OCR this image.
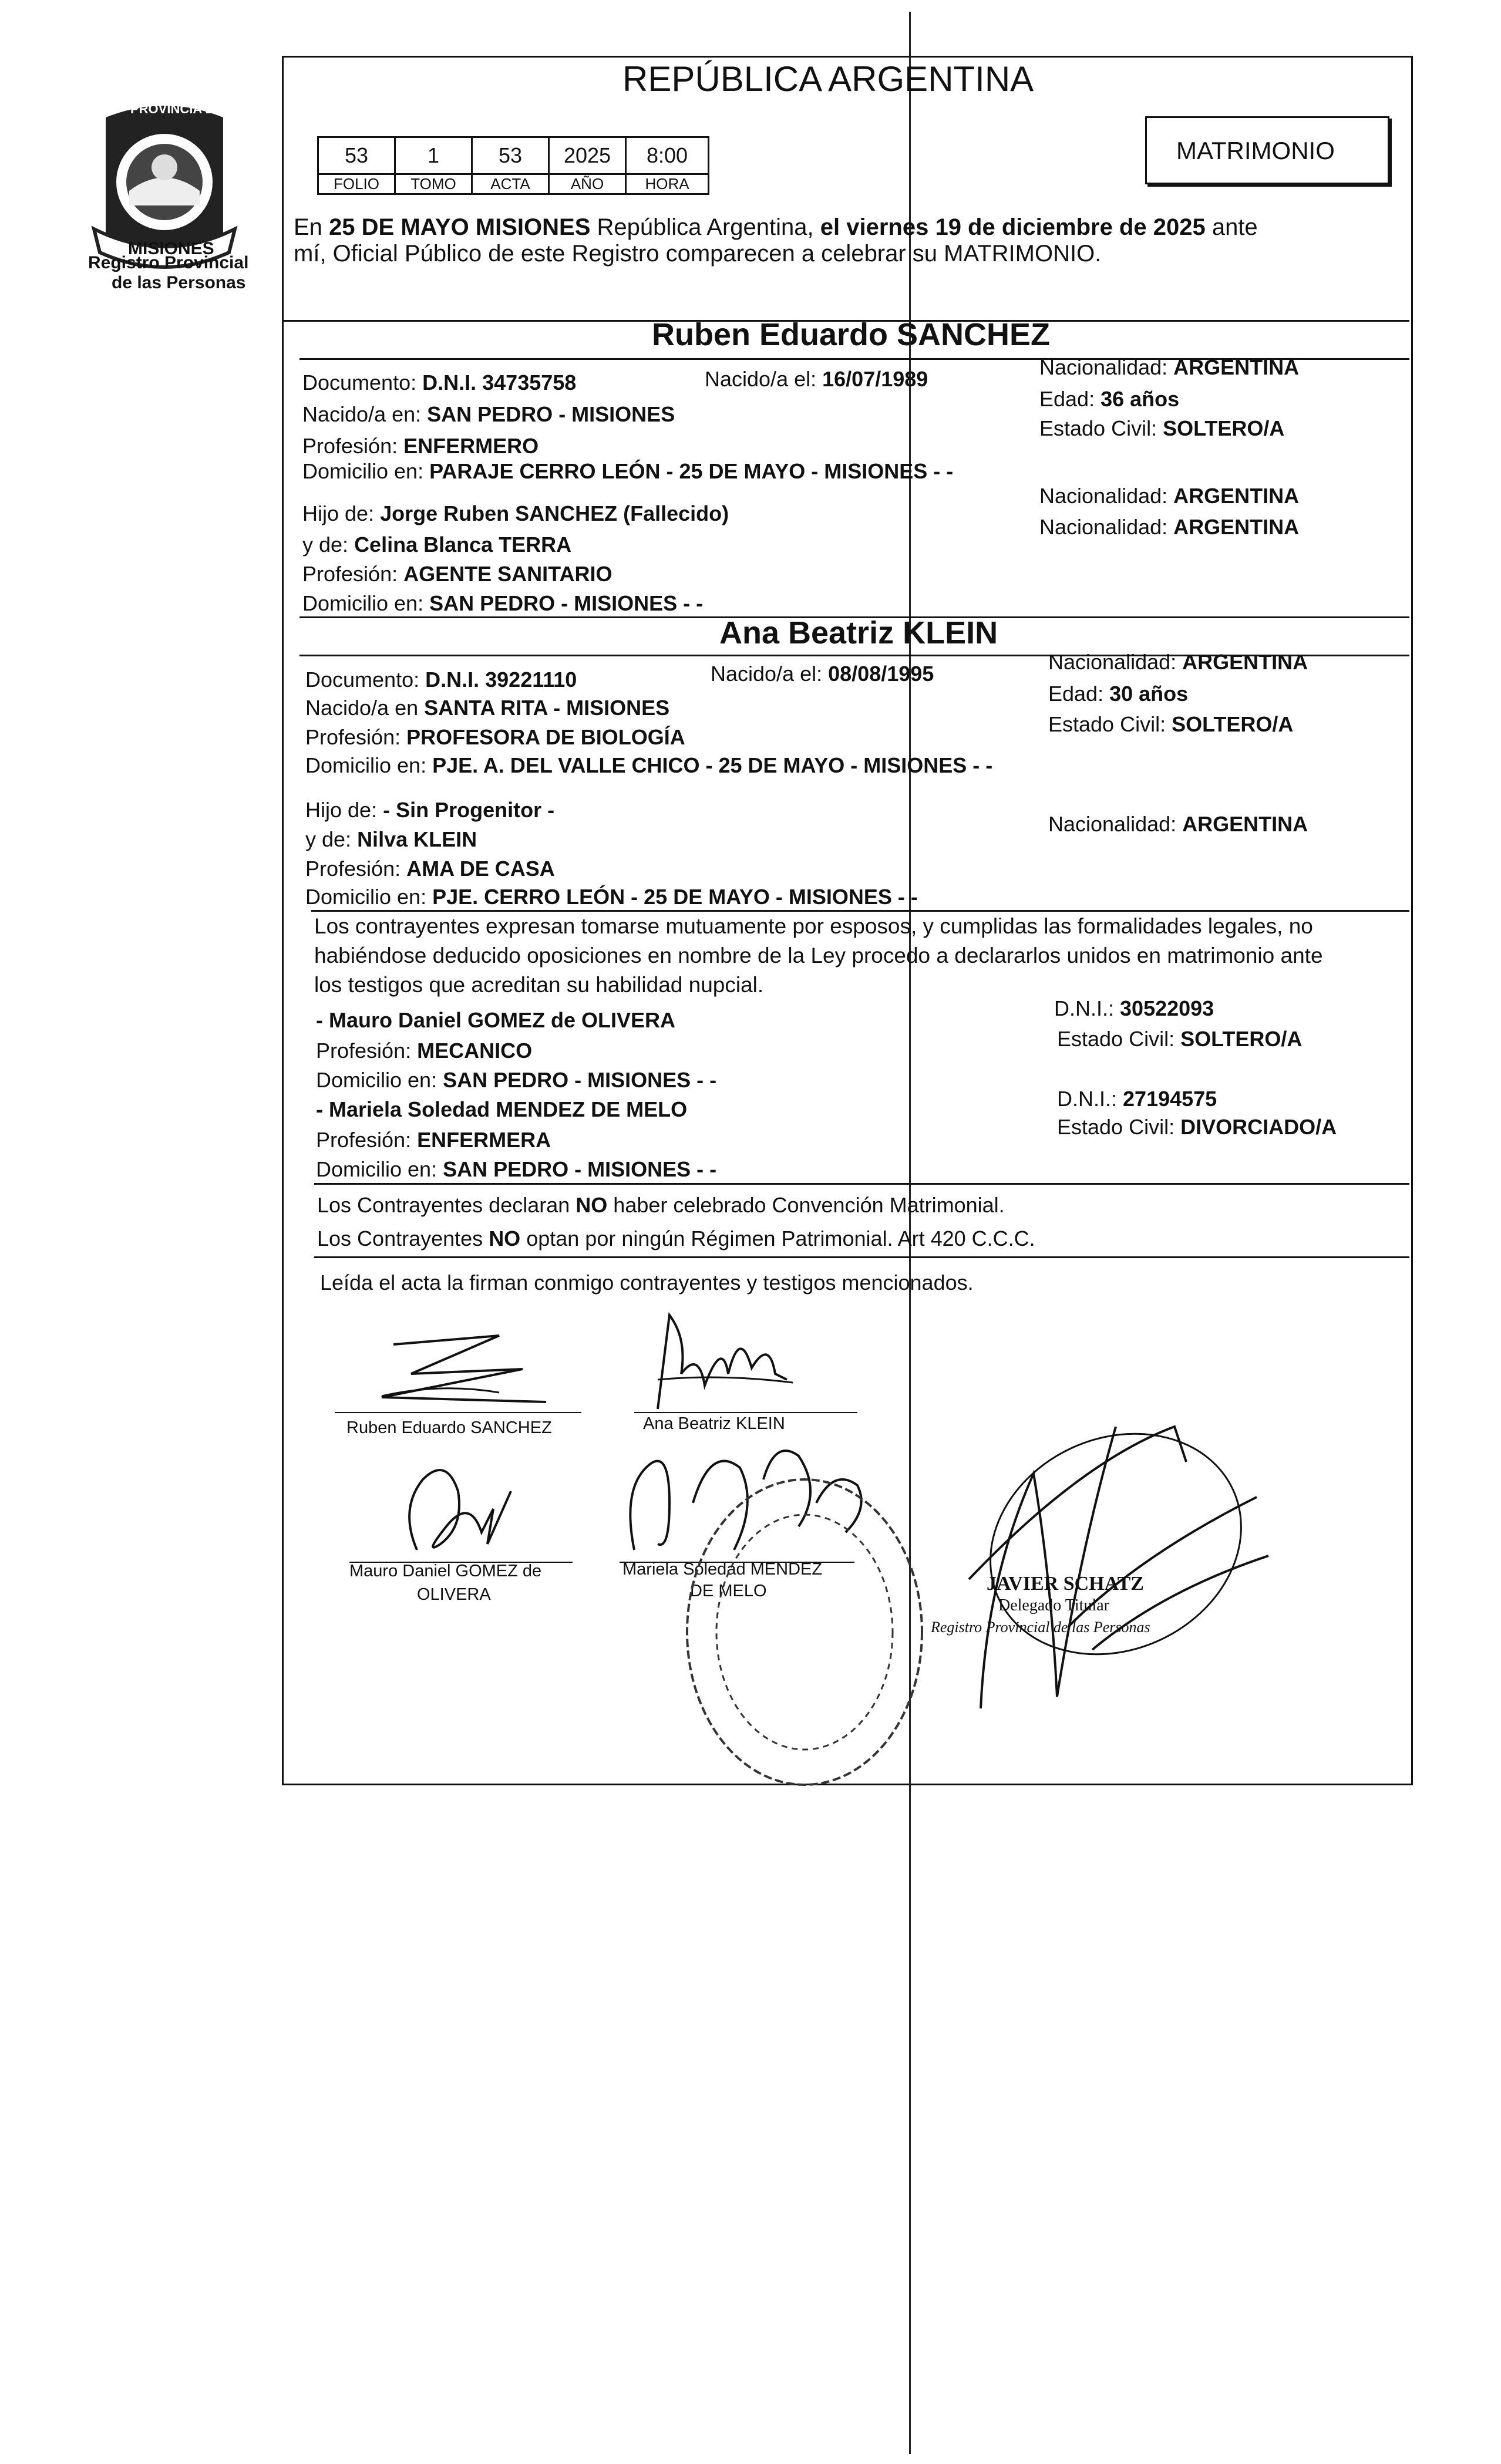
PROVINCIA DE
MISIONES
Registro Provincial
de las Personas
REPÚBLICA ARGENTINA
MATRIMONIO
53	1	53	2025	8:00
FOLIO	TOMO	ACTA	AÑO	HORA
En 25 DE MAYO MISIONES República Argentina, el viernes 19 de diciembre de 2025 ante
mí, Oficial Público de este Registro comparecen a celebrar su MATRIMONIO.
Ruben Eduardo SANCHEZ
Documento: D.N.I. 34735758	Nacido/a el: 16/07/1989	Nacionalidad: ARGENTINA
Nacido/a en: SAN PEDRO - MISIONES
Edad: 36 años
Profesión: ENFERMERO
Estado Civil: SOLTERO/A
Domicilio en: PARAJE CERRO LEÓN - 25 DE MAYO - MISIONES - -
Hijo de: Jorge Ruben SANCHEZ (Fallecido)
Nacionalidad: ARGENTINA
y de: Celina Blanca TERRA
Nacionalidad: ARGENTINA
Profesión: AGENTE SANITARIO
Domicilio en: SAN PEDRO - MISIONES - -
Ana Beatriz KLEIN
Documento: D.N.I. 39221110	Nacido/a el: 08/08/1995	Nacionalidad: ARGENTINA
Nacido/a en SANTA RITA - MISIONES
Edad: 30 años
Profesión: PROFESORA DE BIOLOGÍA
Estado Civil: SOLTERO/A
Domicilio en: PJE. A. DEL VALLE CHICO - 25 DE MAYO - MISIONES - -
Hijo de: - Sin Progenitor -
y de: Nilva KLEIN
Nacionalidad: ARGENTINA
Profesión: AMA DE CASA
Domicilio en: PJE. CERRO LEÓN - 25 DE MAYO - MISIONES - -
Los contrayentes expresan tomarse mutuamente por esposos, y cumplidas las formalidades legales, no
habiéndose deducido oposiciones en nombre de la Ley procedo a declararlos unidos en matrimonio ante
los testigos que acreditan su habilidad nupcial.
- Mauro Daniel GOMEZ de OLIVERA	D.N.I.: 30522093
Profesión: MECANICO	Estado Civil: SOLTERO/A
Domicilio en: SAN PEDRO - MISIONES - -
- Mariela Soledad MENDEZ DE MELO	D.N.I.: 27194575
Profesión: ENFERMERA
Estado Civil: DIVORCIADO/A
Domicilio en: SAN PEDRO - MISIONES - -
Los Contrayentes declaran NO haber celebrado Convención Matrimonial.
Los Contrayentes NO optan por ningún Régimen Patrimonial. Art 420 C.C.C.
Leída el acta la firman conmigo contrayentes y testigos mencionados.
Ruben Eduardo SANCHEZ	Ana Beatriz KLEIN
Mauro Daniel GOMEZ de
OLIVERA
Mariela Soledad MENDEZ
DE MELO	JAVIER SCHATZ
Delegado Titular
Registro Provincial de las Personas
